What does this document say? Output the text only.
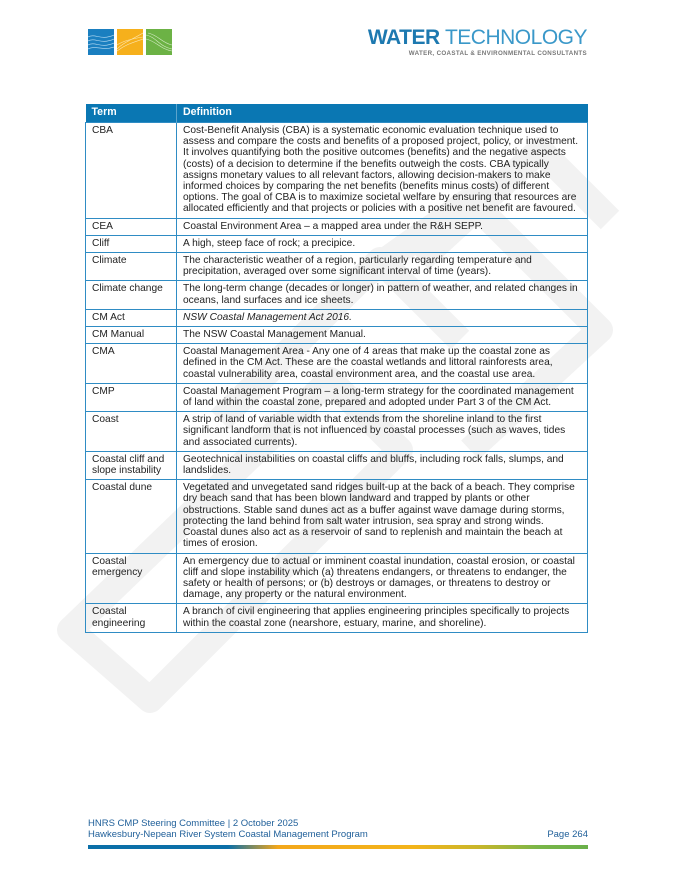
WATER TECHNOLOGY
WATER, COASTAL & ENVIRONMENTAL CONSULTANTS
Term	Definition
CBA	Cost-Benefit Analysis (CBA) is a systematic economic evaluation technique used to assess and compare the costs and benefits of a proposed project, policy, or investment. It involves quantifying both the positive outcomes (benefits) and the negative aspects (costs) of a decision to determine if the benefits outweigh the costs. CBA typically assigns monetary values to all relevant factors, allowing decision-makers to make informed choices by comparing the net benefits (benefits minus costs) of different options. The goal of CBA is to maximize societal welfare by ensuring that resources are allocated efficiently and that projects or policies with a positive net benefit are favoured.
CEA	Coastal Environment Area – a mapped area under the R&H SEPP.
Cliff	A high, steep face of rock; a precipice.
Climate	The characteristic weather of a region, particularly regarding temperature and precipitation, averaged over some significant interval of time (years).
Climate change	The long-term change (decades or longer) in pattern of weather, and related changes in oceans, land surfaces and ice sheets.
CM Act	NSW Coastal Management Act 2016.
CM Manual	The NSW Coastal Management Manual.
CMA	Coastal Management Area - Any one of 4 areas that make up the coastal zone as defined in the CM Act. These are the coastal wetlands and littoral rainforests area, coastal vulnerability area, coastal environment area, and the coastal use area.
CMP	Coastal Management Program – a long-term strategy for the coordinated management of land within the coastal zone, prepared and adopted under Part 3 of the CM Act.
Coast	A strip of land of variable width that extends from the shoreline inland to the first significant landform that is not influenced by coastal processes (such as waves, tides and associated currents).
Coastal cliff and slope instability	Geotechnical instabilities on coastal cliffs and bluffs, including rock falls, slumps, and landslides.
Coastal dune	Vegetated and unvegetated sand ridges built-up at the back of a beach. They comprise dry beach sand that has been blown landward and trapped by plants or other obstructions. Stable sand dunes act as a buffer against wave damage during storms, protecting the land behind from salt water intrusion, sea spray and strong winds. Coastal dunes also act as a reservoir of sand to replenish and maintain the beach at times of erosion.
Coastal emergency	An emergency due to actual or imminent coastal inundation, coastal erosion, or coastal cliff and slope instability which (a) threatens endangers, or threatens to endanger, the safety or health of persons; or (b) destroys or damages, or threatens to destroy or damage, any property or the natural environment.
Coastal engineering	A branch of civil engineering that applies engineering principles specifically to projects within the coastal zone (nearshore, estuary, marine, and shoreline).
HNRS CMP Steering Committee | 2 October 2025
Hawkesbury-Nepean River System Coastal Management Program	Page 264
